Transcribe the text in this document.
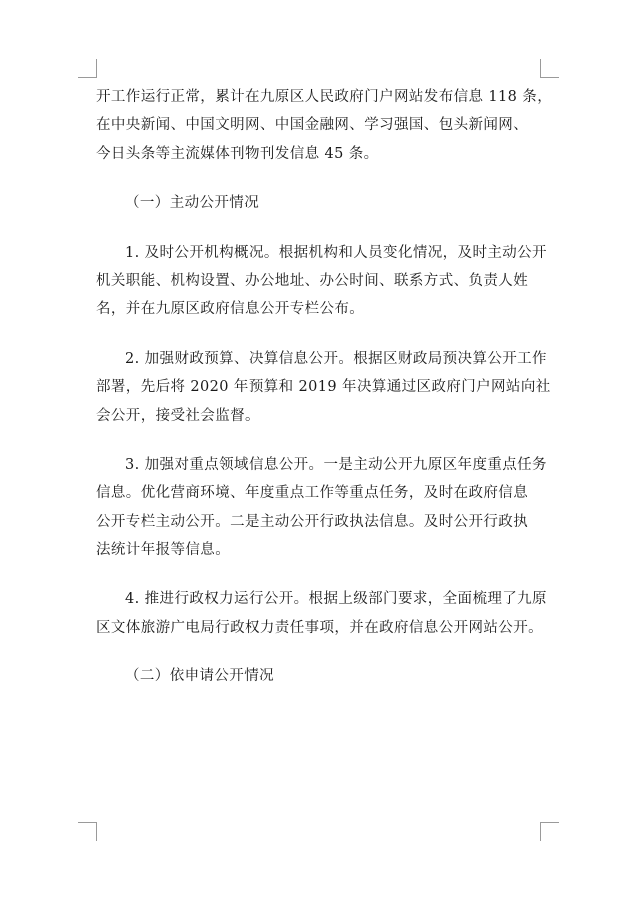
开工作运行正常，累计在九原区人民政府门户网站发布信息 118 条，
在中央新闻、中国文明网、中国金融网、学习强国、包头新闻网、
今日头条等主流媒体刊物刊发信息 45 条。
（一）主动公开情况
1. 及时公开机构概况。根据机构和人员变化情况，及时主动公开
机关职能、机构设置、办公地址、办公时间、联系方式、负责人姓
名，并在九原区政府信息公开专栏公布。
2. 加强财政预算、决算信息公开。根据区财政局预决算公开工作
部署，先后将 2020 年预算和 2019 年决算通过区政府门户网站向社
会公开，接受社会监督。
3. 加强对重点领域信息公开。一是主动公开九原区年度重点任务
信息。优化营商环境、年度重点工作等重点任务，及时在政府信息
公开专栏主动公开。二是主动公开行政执法信息。及时公开行政执
法统计年报等信息。
4. 推进行政权力运行公开。根据上级部门要求，全面梳理了九原
区文体旅游广电局行政权力责任事项，并在政府信息公开网站公开。
（二）依申请公开情况
